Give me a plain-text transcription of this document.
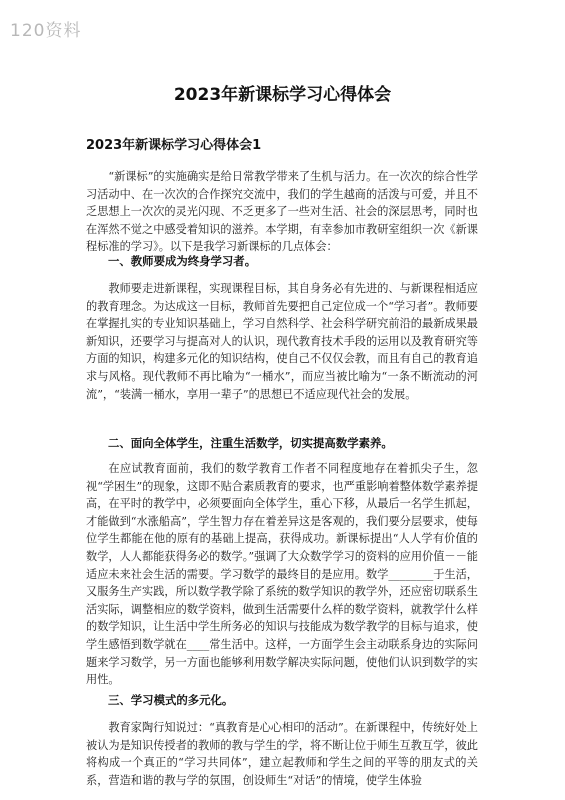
120资料
2023年新课标学习心得体会
2023年新课标学习心得体会1

“新课标”的实施确实是给日常教学带来了生机与活力。在一次次的综合性学习活动中、在一次次的合作探究交流中，我们的学生越商的活泼与可爱，并且不乏思想上一次次的灵光闪现、不乏更多了一些对生活、社会的深层思考，同时也在浑然不觉之中感受着知识的滋养。本学期，有幸参加市教研室组织一次《新课程标准的学习》。以下是我学习新课标的几点体会：

一、教师要成为终身学习者。

教师要走进新课程，实现课程目标，其自身务必有先进的、与新课程相适应的教育理念。为达成这一目标，教师首先要把自己定位成一个“学习者”。教师要在掌握扎实的专业知识基础上，学习自然科学、社会科学研究前沿的最新成果最新知识，还要学习与提高对人的认识，现代教育技术手段的运用以及教育研究等方面的知识，构建多元化的知识结构，使自己不仅仅会教，而且有自己的教育追求与风格。现代教师不再比喻为“一桶水”，而应当被比喻为“一条不断流动的河流”，“装满一桶水，享用一辈子”的思想已不适应现代社会的发展。

二、面向全体学生，注重生活数学，切实提高数学素养。

在应试教育面前，我们的数学教育工作者不同程度地存在着抓尖子生，忽视“学困生”的现象，这即不贴合素质教育的要求，也严重影响着整体数学素养提高，在平时的教学中，必须要面向全体学生，重心下移，从最后一名学生抓起，才能做到“水涨船高”，学生智力存在着差异这是客观的，我们要分层要求，使每位学生都能在他的原有的基础上提高，获得成功。新课标提出“人人学有价值的数学，人人都能获得务必的数学。”强调了大众数学学习的资料的应用价值－－能适应未来社会生活的需要。学习数学的最终目的是应用。数学________于生活，又服务生产实践，所以数学教学除了系统的数学知识的教学外，还应密切联系生活实际，调整相应的数学资料，做到生活需要什么样的数学资料，就教学什么样的数学知识，让生活中学生所务必的知识与技能成为数学教学的目标与追求，使学生感悟到数学就在____常生活中。这样，一方面学生会主动联系身边的实际问题来学习数学，另一方面也能够利用数学解决实际问题，使他们认识到数学的实用性。

三、学习模式的多元化。

教育家陶行知说过：“真教育是心心相印的活动”。在新课程中，传统好处上被认为是知识传授者的教师的教与学生的学，将不断让位于师生互教互学，彼此将构成一个真正的“学习共同体”，建立起教师和学生之间的平等的朋友式的关系，营造和谐的教与学的氛围，创设师生“对话”的情境，使学生体验
